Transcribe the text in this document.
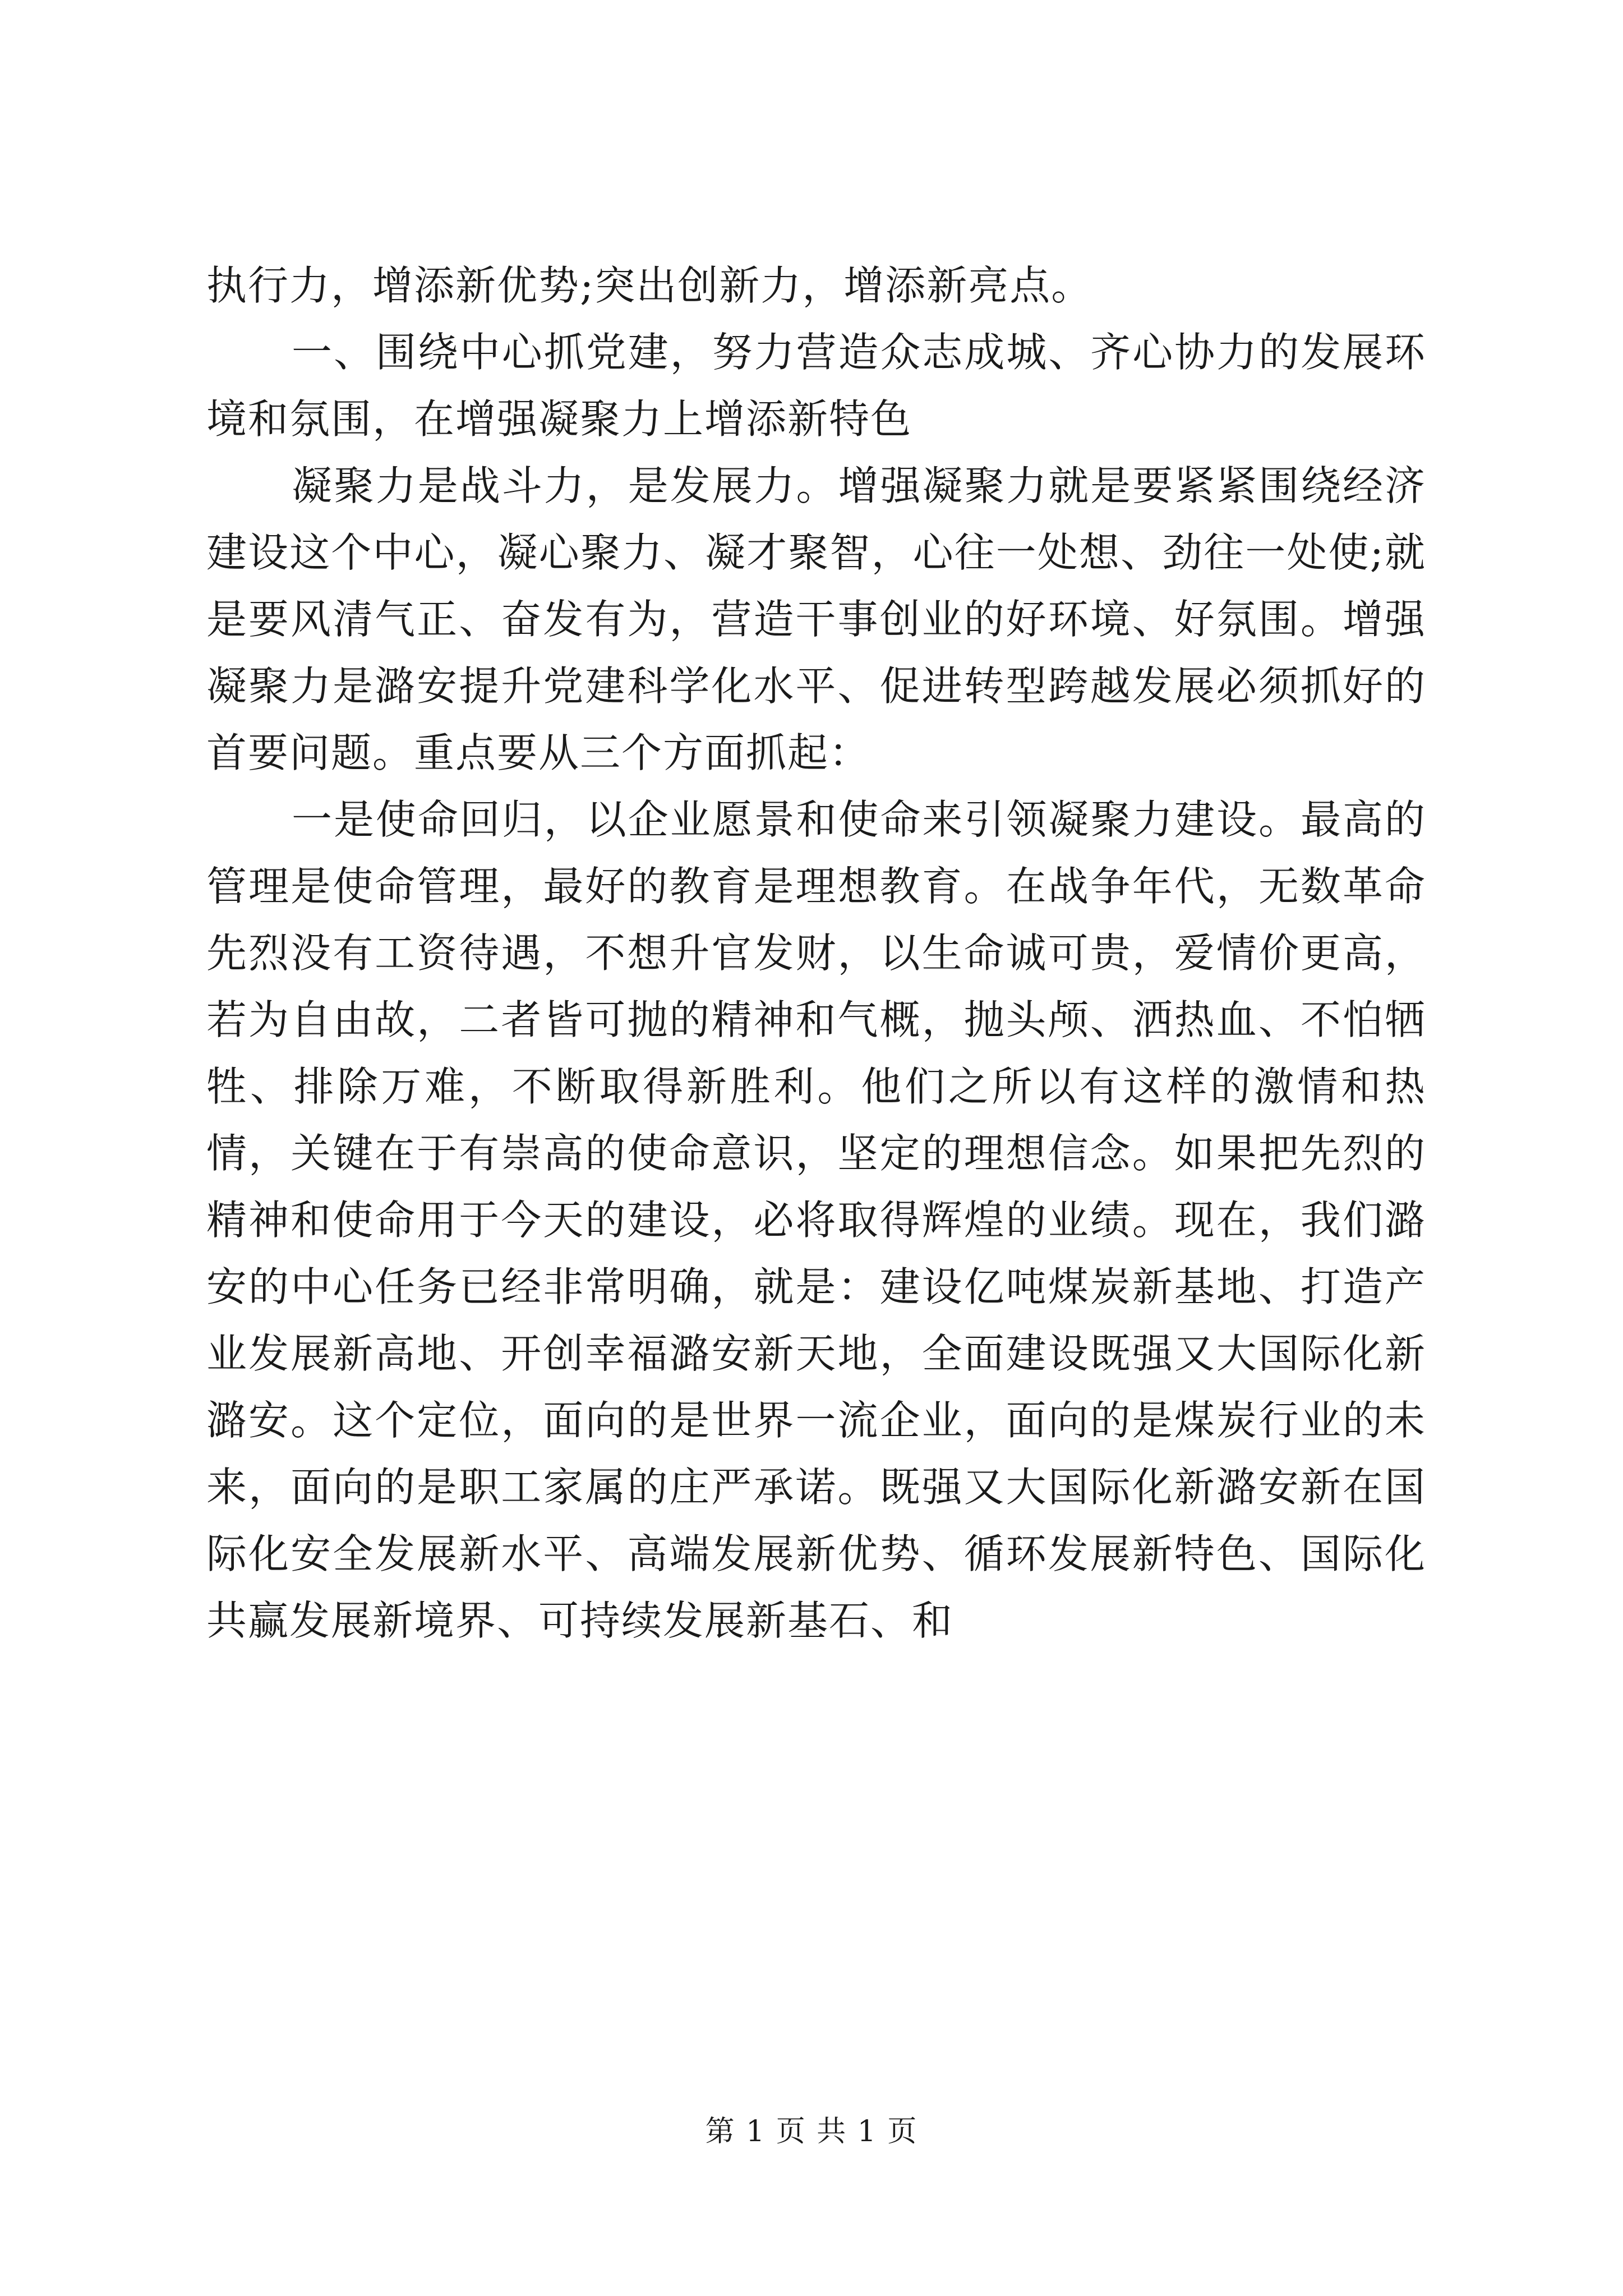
执行力，增添新优势;突出创新力，增添新亮点。

一、围绕中心抓党建，努力营造众志成城、齐心协力的发展环境和氛围，在增强凝聚力上增添新特色

凝聚力是战斗力，是发展力。增强凝聚力就是要紧紧围绕经济建设这个中心，凝心聚力、凝才聚智，心往一处想、劲往一处使;就是要风清气正、奋发有为，营造干事创业的好环境、好氛围。增强凝聚力是潞安提升党建科学化水平、促进转型跨越发展必须抓好的首要问题。重点要从三个方面抓起：

一是使命回归，以企业愿景和使命来引领凝聚力建设。最高的管理是使命管理，最好的教育是理想教育。在战争年代，无数革命先烈没有工资待遇，不想升官发财，以生命诚可贵，爱情价更高，若为自由故，二者皆可抛的精神和气概，抛头颅、洒热血、不怕牺牲、排除万难，不断取得新胜利。他们之所以有这样的激情和热情，关键在于有崇高的使命意识，坚定的理想信念。如果把先烈的精神和使命用于今天的建设，必将取得辉煌的业绩。现在，我们潞安的中心任务已经非常明确，就是：建设亿吨煤炭新基地、打造产业发展新高地、开创幸福潞安新天地，全面建设既强又大国际化新潞安。这个定位，面向的是世界一流企业，面向的是煤炭行业的未来，面向的是职工家属的庄严承诺。既强又大国际化新潞安新在国际化安全发展新水平、高端发展新优势、循环发展新特色、国际化共赢发展新境界、可持续发展新基石、和

第 1 页 共 1 页
